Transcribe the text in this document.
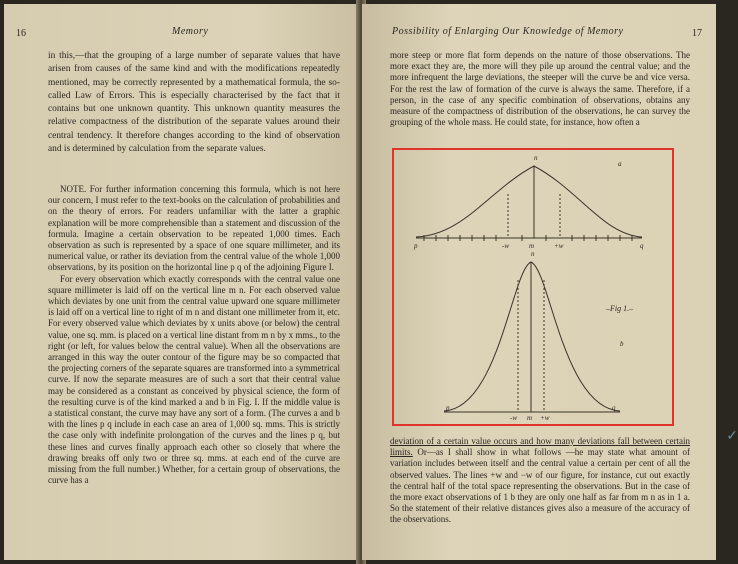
16	Memory

in this,—that the grouping of a large number of separate values that have arisen from causes of the same kind and with the modifications repeatedly mentioned, may be correctly represented by a mathematical formula, the so-called Law of Errors. This is especially characterised by the fact that it contains but one unknown quantity. This unknown quantity measures the relative compactness of the distribution of the separate values around their central tendency. It therefore changes according to the kind of observation and is determined by calculation from the separate values.

NOTE. For further information concerning this formula, which is not here our concern, I must refer to the text-books on the calculation of probabilities and on the theory of errors. For readers unfamiliar with the latter a graphic explanation will be more comprehensible than a statement and discussion of the formula. Imagine a certain observation to be repeated 1,000 times. Each observation as such is represented by a space of one square millimeter, and its numerical value, or rather its deviation from the central value of the whole 1,000 observations, by its position on the horizontal line p q of the adjoining Figure I.

For every observation which exactly corresponds with the central value one square millimeter is laid off on the vertical line m n. For each observed value which deviates by one unit from the central value upward one square millimeter is laid off on a vertical line to right of m n and distant one millimeter from it, etc. For every observed value which deviates by x units above (or below) the central value, one sq. mm. is placed on a vertical line distant from m n by x mms., to the right (or left, for values below the central value). When all the observations are arranged in this way the outer contour of the figure may be so compacted that the projecting corners of the separate squares are transformed into a symmetrical curve. If now the separate measures are of such a sort that their central value may be considered as a constant as conceived by physical science, the form of the resulting curve is of the kind marked a and b in Fig. I. If the middle value is a statistical constant, the curve may have any sort of a form. (The curves a and b with the lines p q include in each case an area of 1,000 sq. mms. This is strictly the case only with indefinite prolongation of the curves and the lines p q, but these lines and curves finally approach each other so closely that where the drawing breaks off only two or three sq. mms. at each end of the curve are missing from the full number.) Whether, for a certain group of observations, the curve has a

Possibility of Enlarging Our Knowledge of Memory	17

more steep or more flat form depends on the nature of those observations. The more exact they are, the more will they pile up around the central value; and the more infrequent the large deviations, the steeper will the curve be and vice versa. For the rest the law of formation of the curve is always the same. Therefore, if a person, in the case of any specific combination of observations, obtains any measure of the compactness of distribution of the observations, he can survey the grouping of the whole mass. He could state, for instance, how often a

n
a
p	q
-w	m	+w
n
–Fig 1.–
b
p	q
-w m +w

deviation of a certain value occurs and how many deviations fall between certain limits. Or—as I shall show in what follows —he may state what amount of variation includes between itself and the central value a certain per cent of all the observed values. The lines +w and −w of our figure, for instance, cut out exactly the central half of the total space representing the observations. But in the case of the more exact observations of 1 b they are only one half as far from m n as in 1 a. So the statement of their relative distances gives also a measure of the accuracy of the observations.

✓
